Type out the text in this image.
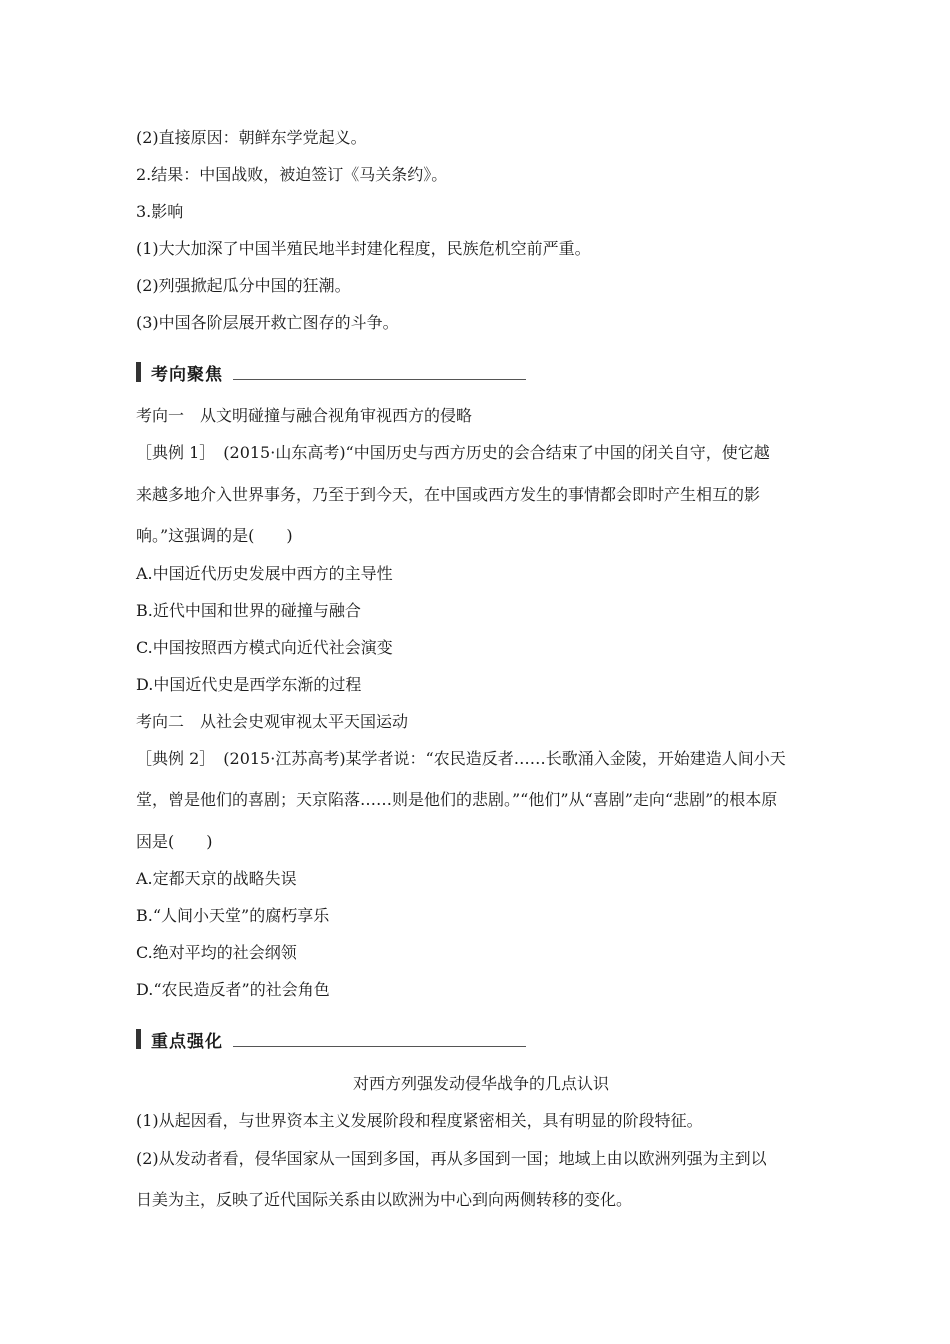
(2)直接原因：朝鲜东学党起义。
2.结果：中国战败，被迫签订《马关条约》。
3.影响
(1)大大加深了中国半殖民地半封建化程度，民族危机空前严重。
(2)列强掀起瓜分中国的狂潮。
(3)中国各阶层展开救亡图存的斗争。
考向聚焦
考向一　从文明碰撞与融合视角审视西方的侵略
［典例 1］　(2015·山东高考)“中国历史与西方历史的会合结束了中国的闭关自守，使它越
来越多地介入世界事务，乃至于到今天，在中国或西方发生的事情都会即时产生相互的影
响。”这强调的是(　　)
A.中国近代历史发展中西方的主导性
B.近代中国和世界的碰撞与融合
C.中国按照西方模式向近代社会演变
D.中国近代史是西学东渐的过程
考向二　从社会史观审视太平天国运动
［典例 2］　(2015·江苏高考)某学者说：“农民造反者……长歌涌入金陵，开始建造人间小天
堂，曾是他们的喜剧；天京陷落……则是他们的悲剧。”“他们”从“喜剧”走向“悲剧”的根本原
因是(　　)
A.定都天京的战略失误
B.“人间小天堂”的腐朽享乐
C.绝对平均的社会纲领
D.“农民造反者”的社会角色
重点强化
对西方列强发动侵华战争的几点认识
(1)从起因看，与世界资本主义发展阶段和程度紧密相关，具有明显的阶段特征。
(2)从发动者看，侵华国家从一国到多国，再从多国到一国；地域上由以欧洲列强为主到以
日美为主，反映了近代国际关系由以欧洲为中心到向两侧转移的变化。
